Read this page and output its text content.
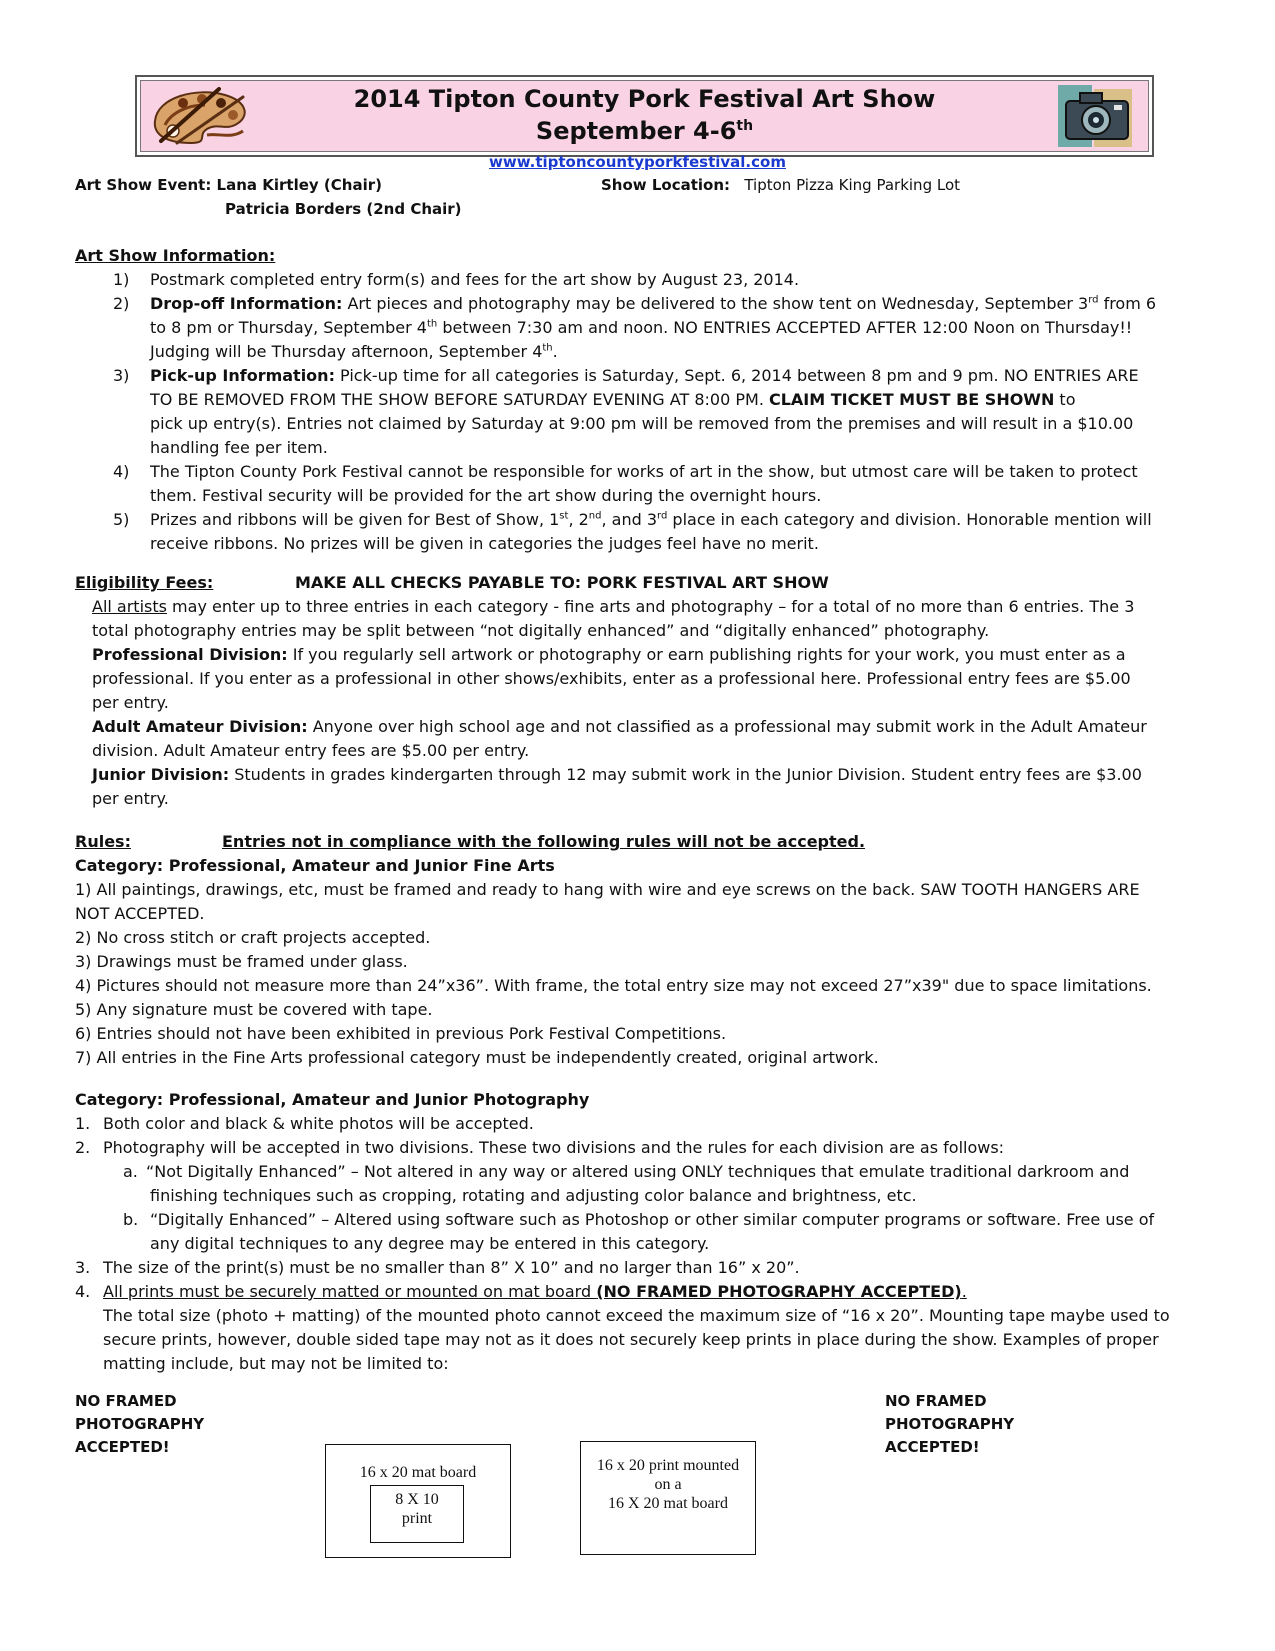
2014 Tipton County Pork Festival Art Show
September 4-6th
www.tiptoncountyporkfestival.com
Art Show Event: Lana Kirtley (Chair)
Patricia Borders (2nd Chair)
Show Location: Tipton Pizza King Parking Lot
Art Show Information:
1) Postmark completed entry form(s) and fees for the art show by August 23, 2014.
2) Drop-off Information: Art pieces and photography may be delivered to the show tent on Wednesday, September 3rd from 6
to 8 pm or Thursday, September 4th between 7:30 am and noon. NO ENTRIES ACCEPTED AFTER 12:00 Noon on Thursday!!
Judging will be Thursday afternoon, September 4th.
3) Pick-up Information: Pick-up time for all categories is Saturday, Sept. 6, 2014 between 8 pm and 9 pm. NO ENTRIES ARE
TO BE REMOVED FROM THE SHOW BEFORE SATURDAY EVENING AT 8:00 PM. CLAIM TICKET MUST BE SHOWN to
pick up entry(s). Entries not claimed by Saturday at 9:00 pm will be removed from the premises and will result in a $10.00
handling fee per item.
4) The Tipton County Pork Festival cannot be responsible for works of art in the show, but utmost care will be taken to protect
them. Festival security will be provided for the art show during the overnight hours.
5) Prizes and ribbons will be given for Best of Show, 1st, 2nd, and 3rd place in each category and division. Honorable mention will
receive ribbons. No prizes will be given in categories the judges feel have no merit.
Eligibility Fees:	MAKE ALL CHECKS PAYABLE TO: PORK FESTIVAL ART SHOW
All artists may enter up to three entries in each category - fine arts and photography – for a total of no more than 6 entries. The 3
total photography entries may be split between “not digitally enhanced” and “digitally enhanced” photography.
Professional Division: If you regularly sell artwork or photography or earn publishing rights for your work, you must enter as a
professional. If you enter as a professional in other shows/exhibits, enter as a professional here. Professional entry fees are $5.00
per entry.
Adult Amateur Division: Anyone over high school age and not classified as a professional may submit work in the Adult Amateur
division. Adult Amateur entry fees are $5.00 per entry.
Junior Division: Students in grades kindergarten through 12 may submit work in the Junior Division. Student entry fees are $3.00
per entry.
Rules:	Entries not in compliance with the following rules will not be accepted.
Category: Professional, Amateur and Junior Fine Arts
1) All paintings, drawings, etc, must be framed and ready to hang with wire and eye screws on the back. SAW TOOTH HANGERS ARE
NOT ACCEPTED.
2) No cross stitch or craft projects accepted.
3) Drawings must be framed under glass.
4) Pictures should not measure more than 24”x36”. With frame, the total entry size may not exceed 27”x39" due to space limitations.
5) Any signature must be covered with tape.
6) Entries should not have been exhibited in previous Pork Festival Competitions.
7) All entries in the Fine Arts professional category must be independently created, original artwork.
Category: Professional, Amateur and Junior Photography
1. Both color and black & white photos will be accepted.
2. Photography will be accepted in two divisions. These two divisions and the rules for each division are as follows:
a. “Not Digitally Enhanced” – Not altered in any way or altered using ONLY techniques that emulate traditional darkroom and
finishing techniques such as cropping, rotating and adjusting color balance and brightness, etc.
b. “Digitally Enhanced” – Altered using software such as Photoshop or other similar computer programs or software. Free use of
any digital techniques to any degree may be entered in this category.
3. The size of the print(s) must be no smaller than 8” X 10” and no larger than 16” x 20”.
4. All prints must be securely matted or mounted on mat board (NO FRAMED PHOTOGRAPHY ACCEPTED).
The total size (photo + matting) of the mounted photo cannot exceed the maximum size of “16 x 20”. Mounting tape maybe used to
secure prints, however, double sided tape may not as it does not securely keep prints in place during the show. Examples of proper
matting include, but may not be limited to:
NO FRAMED
PHOTOGRAPHY
ACCEPTED!
NO FRAMED
PHOTOGRAPHY
ACCEPTED!
16 x 20 mat board
8 X 10
print
16 x 20 print mounted
on a
16 X 20 mat board
